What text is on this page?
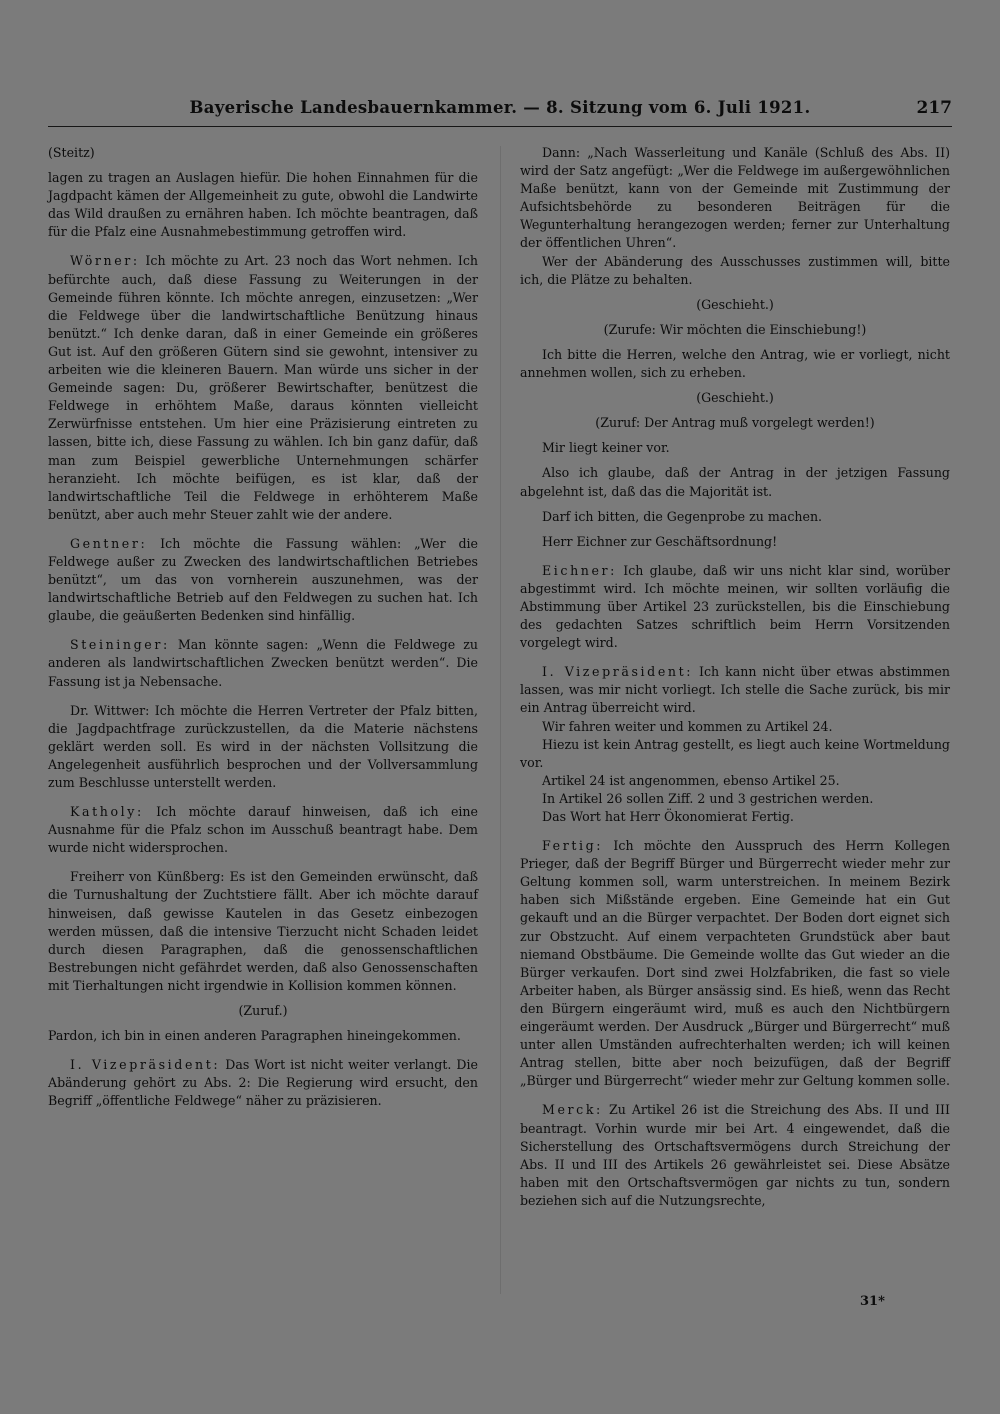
Bayerische Landesbauernkammer. — 8. Sitzung vom 6. Juli 1921.	217

(Steitz)

lagen zu tragen an Auslagen hiefür. Die hohen Einnahmen für die Jagdpacht kämen der Allgemeinheit zu gute, obwohl die Landwirte das Wild draußen zu ernähren haben. Ich möchte beantragen, daß für die Pfalz eine Ausnahmebestimmung getroffen wird.

Wörner: Ich möchte zu Art. 23 noch das Wort nehmen. Ich befürchte auch, daß diese Fassung zu Weiterungen in der Gemeinde führen könnte. Ich möchte anregen, einzusetzen: „Wer die Feldwege über die landwirtschaftliche Benützung hinaus benützt.“ Ich denke daran, daß in einer Gemeinde ein größeres Gut ist. Auf den größeren Gütern sind sie gewohnt, intensiver zu arbeiten wie die kleineren Bauern. Man würde uns sicher in der Gemeinde sagen: Du, größerer Bewirtschafter, benützest die Feldwege in erhöhtem Maße, daraus könnten vielleicht Zerwürfnisse entstehen. Um hier eine Präzisierung eintreten zu lassen, bitte ich, diese Fassung zu wählen. Ich bin ganz dafür, daß man zum Beispiel gewerbliche Unternehmungen schärfer heranzieht. Ich möchte beifügen, es ist klar, daß der landwirtschaftliche Teil die Feldwege in erhöhterem Maße benützt, aber auch mehr Steuer zahlt wie der andere.

Gentner: Ich möchte die Fassung wählen: „Wer die Feldwege außer zu Zwecken des landwirtschaftlichen Betriebes benützt“, um das von vornherein auszunehmen, was der landwirtschaftliche Betrieb auf den Feldwegen zu suchen hat. Ich glaube, die geäußerten Bedenken sind hinfällig.

Steininger: Man könnte sagen: „Wenn die Feldwege zu anderen als landwirtschaftlichen Zwecken benützt werden“. Die Fassung ist ja Nebensache.

Dr. Wittwer: Ich möchte die Herren Vertreter der Pfalz bitten, die Jagdpachtfrage zurückzustellen, da die Materie nächstens geklärt werden soll. Es wird in der nächsten Vollsitzung die Angelegenheit ausführlich besprochen und der Vollversammlung zum Beschlusse unterstellt werden.

Katholy: Ich möchte darauf hinweisen, daß ich eine Ausnahme für die Pfalz schon im Ausschuß beantragt habe. Dem wurde nicht widersprochen.

Freiherr von Künßberg: Es ist den Gemeinden erwünscht, daß die Turnushaltung der Zuchtstiere fällt. Aber ich möchte darauf hinweisen, daß gewisse Kautelen in das Gesetz einbezogen werden müssen, daß die intensive Tierzucht nicht Schaden leidet durch diesen Paragraphen, daß die genossenschaftlichen Bestrebungen nicht gefährdet werden, daß also Genossenschaften mit Tierhaltungen nicht irgendwie in Kollision kommen können.

(Zuruf.)

Pardon, ich bin in einen anderen Paragraphen hineingekommen.

I. Vizepräsident: Das Wort ist nicht weiter verlangt. Die Abänderung gehört zu Abs. 2: Die Regierung wird ersucht, den Begriff „öffentliche Feldwege“ näher zu präzisieren.

Dann: „Nach Wasserleitung und Kanäle (Schluß des Abs. II) wird der Satz angefügt: „Wer die Feldwege im außergewöhnlichen Maße benützt, kann von der Gemeinde mit Zustimmung der Aufsichtsbehörde zu besonderen Beiträgen für die Wegunterhaltung herangezogen werden; ferner zur Unterhaltung der öffentlichen Uhren“.

Wer der Abänderung des Ausschusses zustimmen will, bitte ich, die Plätze zu behalten.

(Geschieht.)

(Zurufe: Wir möchten die Einschiebung!)

Ich bitte die Herren, welche den Antrag, wie er vorliegt, nicht annehmen wollen, sich zu erheben.

(Geschieht.)

(Zuruf: Der Antrag muß vorgelegt werden!)

Mir liegt keiner vor.

Also ich glaube, daß der Antrag in der jetzigen Fassung abgelehnt ist, daß das die Majorität ist.

Darf ich bitten, die Gegenprobe zu machen.

Herr Eichner zur Geschäftsordnung!

Eichner: Ich glaube, daß wir uns nicht klar sind, worüber abgestimmt wird. Ich möchte meinen, wir sollten vorläufig die Abstimmung über Artikel 23 zurückstellen, bis die Einschiebung des gedachten Satzes schriftlich beim Herrn Vorsitzenden vorgelegt wird.

I. Vizepräsident: Ich kann nicht über etwas abstimmen lassen, was mir nicht vorliegt. Ich stelle die Sache zurück, bis mir ein Antrag überreicht wird.

Wir fahren weiter und kommen zu Artikel 24.

Hiezu ist kein Antrag gestellt, es liegt auch keine Wortmeldung vor.

Artikel 24 ist angenommen, ebenso Artikel 25.

In Artikel 26 sollen Ziff. 2 und 3 gestrichen werden.

Das Wort hat Herr Ökonomierat Fertig.

Fertig: Ich möchte den Ausspruch des Herrn Kollegen Prieger, daß der Begriff Bürger und Bürgerrecht wieder mehr zur Geltung kommen soll, warm unterstreichen. In meinem Bezirk haben sich Mißstände ergeben. Eine Gemeinde hat ein Gut gekauft und an die Bürger verpachtet. Der Boden dort eignet sich zur Obstzucht. Auf einem verpachteten Grundstück aber baut niemand Obstbäume. Die Gemeinde wollte das Gut wieder an die Bürger verkaufen. Dort sind zwei Holzfabriken, die fast so viele Arbeiter haben, als Bürger ansässig sind. Es hieß, wenn das Recht den Bürgern eingeräumt wird, muß es auch den Nichtbürgern eingeräumt werden. Der Ausdruck „Bürger und Bürgerrecht“ muß unter allen Umständen aufrechterhalten werden; ich will keinen Antrag stellen, bitte aber noch beizufügen, daß der Begriff „Bürger und Bürgerrecht“ wieder mehr zur Geltung kommen solle.

Merck: Zu Artikel 26 ist die Streichung des Abs. II und III beantragt. Vorhin wurde mir bei Art. 4 eingewendet, daß die Sicherstellung des Ortschaftsvermögens durch Streichung der Abs. II und III des Artikels 26 gewährleistet sei. Diese Absätze haben mit den Ortschaftsvermögen gar nichts zu tun, sondern beziehen sich auf die Nutzungsrechte,

31*
